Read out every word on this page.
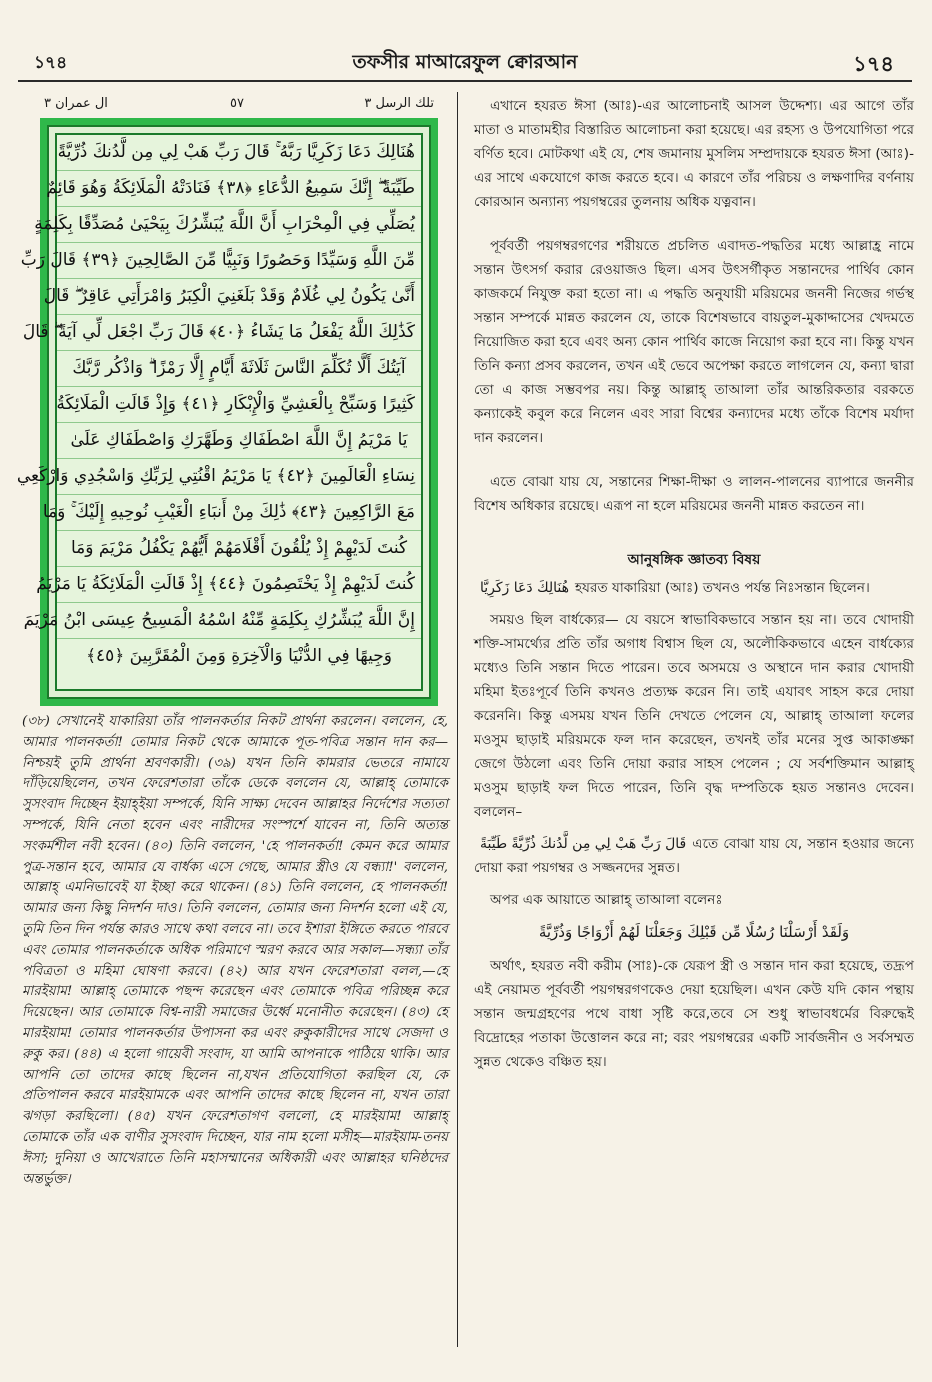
১৭৪	তফসীর মাআরেফুল ক্বোরআন	১৭৪
تلك الرسل ٣
٥٧
ال عمران ٣
هُنَالِكَ دَعَا زَكَرِيَّا رَبَّهُ ۚ قَالَ رَبِّ هَبْ لِي مِن لَّدُنكَ ذُرِّيَّةً
طَيِّبَةً ۖ إِنَّكَ سَمِيعُ الدُّعَاءِ ﴿٣٨﴾ فَنَادَتْهُ الْمَلَائِكَةُ وَهُوَ قَائِمٌ
يُصَلِّي فِي الْمِحْرَابِ أَنَّ اللَّهَ يُبَشِّرُكَ بِيَحْيَىٰ مُصَدِّقًا بِكَلِمَةٍ
مِّنَ اللَّهِ وَسَيِّدًا وَحَصُورًا وَنَبِيًّا مِّنَ الصَّالِحِينَ ﴿٣٩﴾ قَالَ رَبِّ
أَنَّىٰ يَكُونُ لِي غُلَامٌ وَقَدْ بَلَغَنِيَ الْكِبَرُ وَامْرَأَتِي عَاقِرٌ ۖ قَالَ
كَذَٰلِكَ اللَّهُ يَفْعَلُ مَا يَشَاءُ ﴿٤٠﴾ قَالَ رَبِّ اجْعَل لِّي آيَةً ۖ قَالَ
آيَتُكَ أَلَّا تُكَلِّمَ النَّاسَ ثَلَاثَةَ أَيَّامٍ إِلَّا رَمْزًا ۗ وَاذْكُر رَّبَّكَ
كَثِيرًا وَسَبِّحْ بِالْعَشِيِّ وَالْإِبْكَارِ ﴿٤١﴾ وَإِذْ قَالَتِ الْمَلَائِكَةُ
يَا مَرْيَمُ إِنَّ اللَّهَ اصْطَفَاكِ وَطَهَّرَكِ وَاصْطَفَاكِ عَلَىٰ
نِسَاءِ الْعَالَمِينَ ﴿٤٢﴾ يَا مَرْيَمُ اقْنُتِي لِرَبِّكِ وَاسْجُدِي وَارْكَعِي
مَعَ الرَّاكِعِينَ ﴿٤٣﴾ ذَٰلِكَ مِنْ أَنبَاءِ الْغَيْبِ نُوحِيهِ إِلَيْكَ ۚ وَمَا
كُنتَ لَدَيْهِمْ إِذْ يُلْقُونَ أَقْلَامَهُمْ أَيُّهُمْ يَكْفُلُ مَرْيَمَ وَمَا
كُنتَ لَدَيْهِمْ إِذْ يَخْتَصِمُونَ ﴿٤٤﴾ إِذْ قَالَتِ الْمَلَائِكَةُ يَا مَرْيَمُ
إِنَّ اللَّهَ يُبَشِّرُكِ بِكَلِمَةٍ مِّنْهُ اسْمُهُ الْمَسِيحُ عِيسَى ابْنُ مَرْيَمَ
وَجِيهًا فِي الدُّنْيَا وَالْآخِرَةِ وَمِنَ الْمُقَرَّبِينَ ﴿٤٥﴾

(৩৮) সেখানেই যাকারিয়া তাঁর পালনকর্তার নিকট প্রার্থনা করলেন। বললেন, হে, আমার পালনকর্তা! তোমার নিকট থেকে আমাকে পূত-পবিত্র সন্তান দান কর—নিশ্চয়ই তুমি প্রার্থনা শ্রবণকারী। (৩৯) যখন তিনি কামরার ভেতরে নামাযে দাঁড়িয়েছিলেন, তখন ফেরেশতারা তাঁকে ডেকে বললেন যে, আল্লাহ্ তোমাকে সুসংবাদ দিচ্ছেন ইয়াহ্ইয়া সম্পর্কে, যিনি সাক্ষ্য দেবেন আল্লাহর নির্দেশের সত্যতা সম্পর্কে, যিনি নেতা হবেন এবং নারীদের সংস্পর্শে যাবেন না, তিনি অত্যন্ত সংকর্মশীল নবী হবেন। (৪০) তিনি বললেন, 'হে পালনকর্তা! কেমন করে আমার পুত্র-সন্তান হবে, আমার যে বার্ধক্য এসে গেছে, আমার স্ত্রীও যে বন্ধ্যা!' বললেন, আল্লাহ্ এমনিভাবেই যা ইচ্ছা করে থাকেন। (৪১) তিনি বললেন, হে পালনকর্তা! আমার জন্য কিছু নিদর্শন দাও। তিনি বললেন, তোমার জন্য নিদর্শন হলো এই যে, তুমি তিন দিন পর্যন্ত কারও সাথে কথা বলবে না। তবে ইশারা ইঙ্গিতে করতে পারবে এবং তোমার পালনকর্তাকে অধিক পরিমাণে স্মরণ করবে আর সকাল—সন্ধ্যা তাঁর পবিত্রতা ও মহিমা ঘোষণা করবে। (৪২) আর যখন ফেরেশতারা বলল,—হে মারইয়াম! আল্লাহ্ তোমাকে পছন্দ করেছেন এবং তোমাকে পবিত্র পরিচ্ছন্ন করে দিয়েছেন। আর তোমাকে বিশ্ব-নারী সমাজের উর্ধ্বে মনোনীত করেছেন। (৪৩) হে মারইয়াম! তোমার পালনকর্তার উপাসনা কর এবং রুকুকারীদের সাথে সেজদা ও রুকু কর। (৪৪) এ হলো গায়েবী সংবাদ, যা আমি আপনাকে পাঠিয়ে থাকি। আর আপনি তো তাদের কাছে ছিলেন না,যখন প্রতিযোগিতা করছিল যে, কে প্রতিপালন করবে মারইয়ামকে এবং আপনি তাদের কাছে ছিলেন না, যখন তারা ঝগড়া করছিলো। (৪৫) যখন ফেরেশতাগণ বললো, হে মারইয়াম! আল্লাহ্ তোমাকে তাঁর এক বাণীর সুসংবাদ দিচ্ছেন, যার নাম হলো মসীহ—মারইয়াম-তনয় ঈসা; দুনিয়া ও আখেরাতে তিনি মহাসম্মানের অধিকারী এবং আল্লাহর ঘনিষ্ঠদের অন্তর্ভুক্ত।

এখানে হযরত ঈসা (আঃ)-এর আলোচনাই আসল উদ্দেশ্য। এর আগে তাঁর মাতা ও মাতামহীর বিস্তারিত আলোচনা করা হয়েছে। এর রহস্য ও উপযোগিতা পরে বর্ণিত হবে। মোটকথা এই যে, শেষ জমানায় মুসলিম সম্প্রদায়কে হযরত ঈসা (আঃ)-এর সাথে একযোগে কাজ করতে হবে। এ কারণে তাঁর পরিচয় ও লক্ষণাদির বর্ণনায় কোরআন অন্যান্য পয়গম্বরের তুলনায় অধিক যত্নবান।

পূর্ববর্তী পয়গম্বরগণের শরীয়তে প্রচলিত এবাদত-পদ্ধতির মধ্যে আল্লাহ্র নামে সন্তান উৎসর্গ করার রেওয়াজও ছিল। এসব উৎসর্গীকৃত সন্তানদের পার্থিব কোন কাজকর্মে নিযুক্ত করা হতো না। এ পদ্ধতি অনুযায়ী মরিয়মের জননী নিজের গর্ভস্থ সন্তান সম্পর্কে মান্নত করলেন যে, তাকে বিশেষভাবে বায়তুল-মুকাদ্দাসের খেদমতে নিয়োজিত করা হবে এবং অন্য কোন পার্থিব কাজে নিয়োগ করা হবে না। কিন্তু যখন তিনি কন্যা প্রসব করলেন, তখন এই ভেবে অপেক্ষা করতে লাগলেন যে, কন্যা দ্বারা তো এ কাজ সম্ভবপর নয়। কিন্তু আল্লাহ্ তাআলা তাঁর আন্তরিকতার বরকতে কন্যাকেই কবুল করে নিলেন এবং সারা বিশ্বের কন্যাদের মধ্যে তাঁকে বিশেষ মর্যাদা দান করলেন।

এতে বোঝা যায় যে, সন্তানের শিক্ষা-দীক্ষা ও লালন-পালনের ব্যাপারে জননীর বিশেষ অধিকার রয়েছে। এরূপ না হলে মরিয়মের জননী মান্নত করতেন না।

আনুষঙ্গিক জ্ঞাতব্য বিষয়

هُنَالِكَ دَعَا زَكَرِيَّا হযরত যাকারিয়া (আঃ) তখনও পর্যন্ত নিঃসন্তান ছিলেন।

সময়ও ছিল বার্ধক্যের— যে বয়সে স্বাভাবিকভাবে সন্তান হয় না। তবে খোদায়ী শক্তি-সামর্থ্যের প্রতি তাঁর অগাধ বিশ্বাস ছিল যে, অলৌকিকভাবে এহেন বার্ধক্যের মধ্যেও তিনি সন্তান দিতে পারেন। তবে অসময়ে ও অস্থানে দান করার খোদায়ী মহিমা ইতঃপূর্বে তিনি কখনও প্রত্যক্ষ করেন নি। তাই এযাবৎ সাহস করে দোয়া করেননি। কিন্তু এসময় যখন তিনি দেখতে পেলেন যে, আল্লাহ্ তাআলা ফলের মওসুম ছাড়াই মরিয়মকে ফল দান করেছেন, তখনই তাঁর মনের সুপ্ত আকাঙ্ক্ষা জেগে উঠলো এবং তিনি দোয়া করার সাহস পেলেন ; যে সর্বশক্তিমান আল্লাহ্ মওসুম ছাড়াই ফল দিতে পারেন, তিনি বৃদ্ধ দম্পতিকে হয়ত সন্তানও দেবেন। বললেন–

قَالَ رَبِّ هَبْ لِي مِن لَّدُنكَ ذُرِّيَّةً طَيِّبَةً এতে বোঝা যায় যে, সন্তান হওয়ার জন্যে দোয়া করা পয়গম্বর ও সজ্জনদের সুন্নত।

অপর এক আয়াতে আল্লাহ্ তাআলা বলেনঃ

وَلَقَدْ أَرْسَلْنَا رُسُلًا مِّن قَبْلِكَ وَجَعَلْنَا لَهُمْ أَزْوَاجًا وَذُرِّيَّةً

অর্থাৎ, হযরত নবী করীম (সাঃ)-কে যেরূপ স্ত্রী ও সন্তান দান করা হয়েছে, তদ্রূপ এই নেয়ামত পূর্ববর্তী পয়গম্বরগণকেও দেয়া হয়েছিল। এখন কেউ যদি কোন পন্থায় সন্তান জন্মগ্রহণের পথে বাধা সৃষ্টি করে,তবে সে শুধু স্বাভাবধর্মের বিরুদ্ধেই বিদ্রোহের পতাকা উত্তোলন করে না; বরং পয়গম্বরের একটি সার্বজনীন ও সর্বসম্মত সুন্নত থেকেও বঞ্চিত হয়।
